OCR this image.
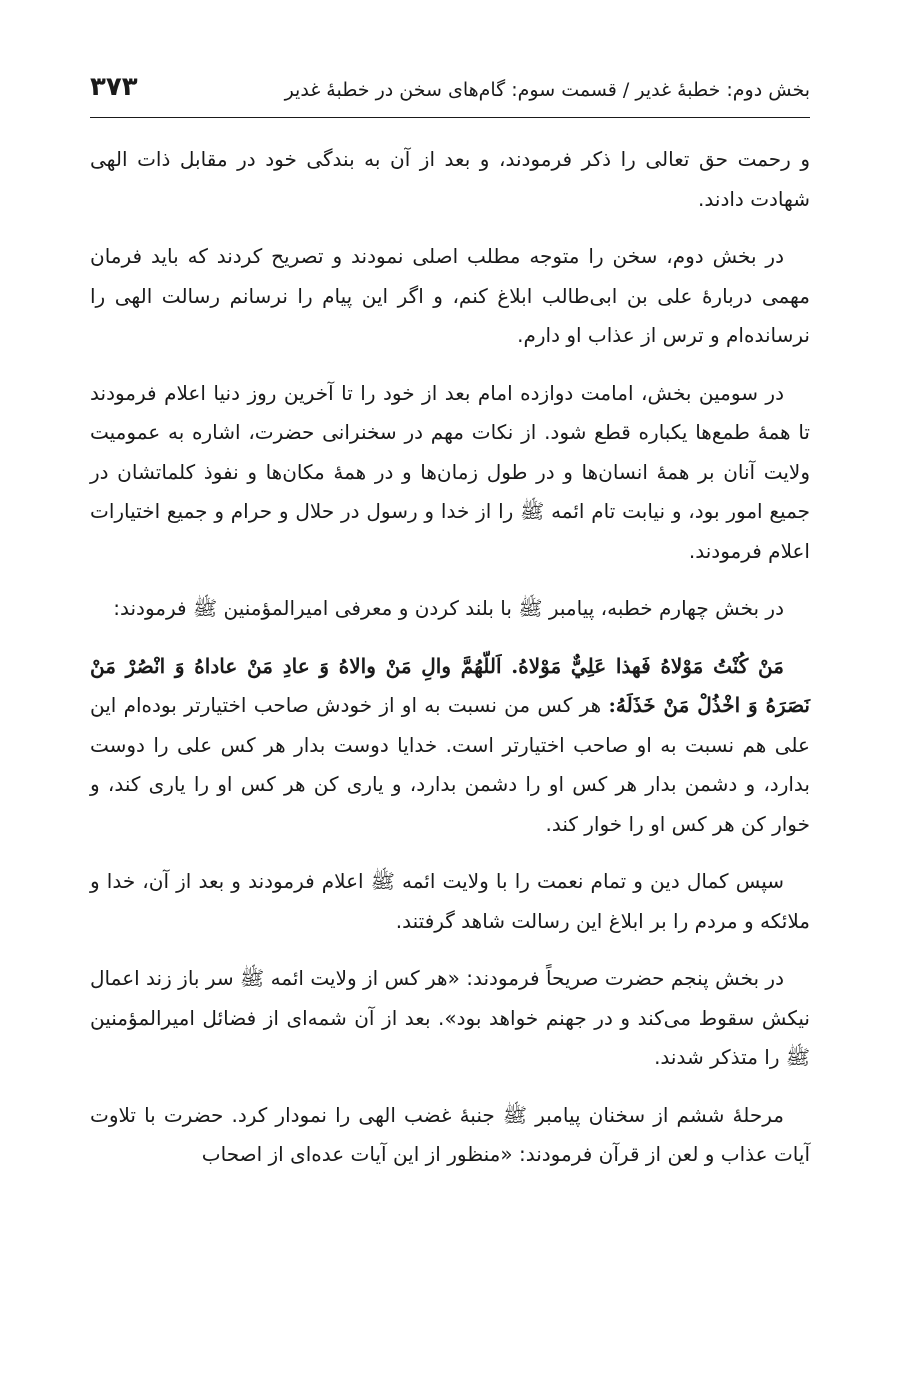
بخش دوم: خطبهٔ غدیر / قسمت سوم: گام‌های سخن در خطبهٔ غدیر
۳۷۳

و رحمت حق تعالی را ذکر فرمودند، و بعد از آن به بندگی خود در مقابل ذات الهی شهادت دادند.

در بخش دوم، سخن را متوجه مطلب اصلی نمودند و تصریح کردند که باید فرمان مهمی دربارهٔ علی بن ابی‌طالب ابلاغ کنم، و اگر این پیام را نرسانم رسالت الهی را نرسانده‌ام و ترس از عذاب او دارم.

در سومین بخش، امامت دوازده امام بعد از خود را تا آخرین روز دنیا اعلام فرمودند تا همهٔ طمع‌ها یکباره قطع شود. از نکات مهم در سخنرانی حضرت، اشاره به عمومیت ولایت آنان بر همهٔ انسان‌ها و در طول زمان‌ها و در همهٔ مکان‌ها و نفوذ کلماتشان در جمیع امور بود، و نیابت تام ائمه ﷺ را از خدا و رسول در حلال و حرام و جمیع اختیارات اعلام فرمودند.

در بخش چهارم خطبه، پیامبر ﷺ با بلند کردن و معرفی امیرالمؤمنین ﷺ فرمودند:

مَنْ كُنْتُ مَوْلاهُ فَهذا عَلِيٌّ مَوْلاهُ. اَللّهُمَّ والِ مَنْ والاهُ وَ عادِ مَنْ عاداهُ وَ انْصُرْ مَنْ نَصَرَهُ وَ اخْذُلْ مَنْ خَذَلَهُ: هر کس من نسبت به او از خودش صاحب اختیارتر بوده‌ام این علی هم نسبت به او صاحب اختیارتر است. خدایا دوست بدار هر کس علی را دوست بدارد، و دشمن بدار هر کس او را دشمن بدارد، و یاری کن هر کس او را یاری کند، و خوار کن هر کس او را خوار کند.

سپس کمال دین و تمام نعمت را با ولایت ائمه ﷺ اعلام فرمودند و بعد از آن، خدا و ملائکه و مردم را بر ابلاغ این رسالت شاهد گرفتند.

در بخش پنجم حضرت صریحاً فرمودند: «هر کس از ولایت ائمه ﷺ سر باز زند اعمال نیکش سقوط می‌کند و در جهنم خواهد بود». بعد از آن شمه‌ای از فضائل امیرالمؤمنین ﷺ را متذکر شدند.

مرحلهٔ ششم از سخنان پیامبر ﷺ جنبهٔ غضب الهی را نمودار کرد. حضرت با تلاوت آیات عذاب و لعن از قرآن فرمودند: «منظور از این آیات عده‌ای از اصحاب
